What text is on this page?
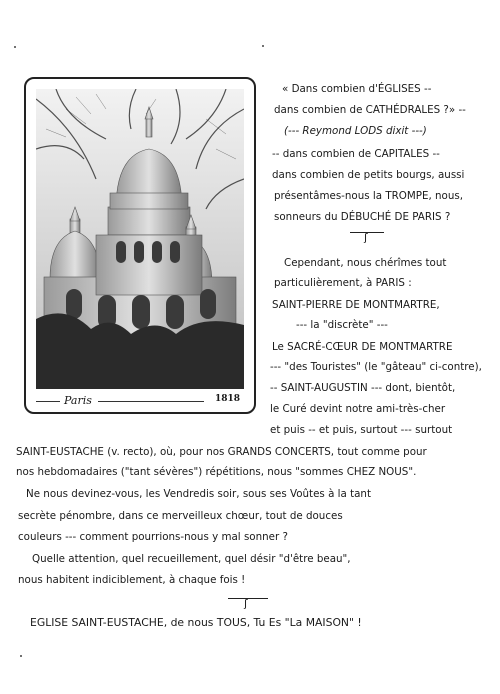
Paris	1818
« Dans combien d'ÉGLISES --
dans combien de CATHÉDRALES ?» --
(--- Reymond LODS dixit ---)
-- dans combien de CAPITALES --
dans combien de petits bourgs, aussi
présentâmes-nous la TROMPE, nous,
sonneurs du DÉBUCHÉ DE PARIS ?
ʃ
Cependant, nous chérîmes tout
particulièrement, à PARIS :
SAINT-PIERRE DE MONTMARTRE,
--- la "discrète" ---
Le SACRÉ-CŒUR DE MONTMARTRE
--- "des Touristes" (le "gâteau" ci-contre),
-- SAINT-AUGUSTIN --- dont, bientôt,
le Curé devint notre ami-très-cher
et puis -- et puis, surtout --- surtout
SAINT-EUSTACHE (v. recto), où, pour nos GRANDS CONCERTS, tout comme pour
nos hebdomadaires ("tant sévères") répétitions, nous "sommes CHEZ NOUS".
Ne nous devinez-vous, les Vendredis soir, sous ses Voûtes à la tant
secrète pénombre, dans ce merveilleux chœur, tout de douces
couleurs --- comment pourrions-nous y mal sonner ?
Quelle attention, quel recueillement, quel désir "d'être beau",
nous habitent indiciblement, à chaque fois !
ʃ
EGLISE SAINT-EUSTACHE, de nous TOUS, Tu Es "La MAISON" !
